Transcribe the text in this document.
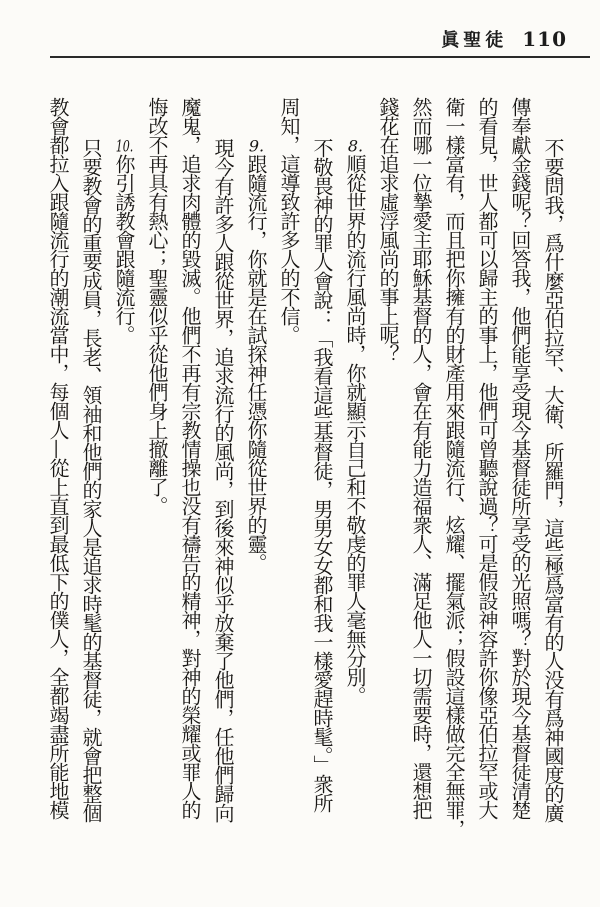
眞聖徒 110
不要問我，爲什麼亞伯拉罕、大衛、所羅門，這些極爲富有的人没有爲神國度的廣
傳奉獻金錢呢？回答我，他們能享受現今基督徒所享受的光照嗎？對於現今基督徒清楚
的看見，世人都可以歸主的事上，他們可曾聽說過？可是假設神容許你像亞伯拉罕或大
衛一樣富有，而且把你擁有的財產用來跟隨流行、炫耀、擺氣派；假設這樣做完全無罪，
然而哪一位摯愛主耶穌基督的人，會在有能力造福衆人、滿足他人一切需要時，還想把
錢花在追求虛浮風尚的事上呢？
8.順從世界的流行風尚時，你就顯示自己和不敬虔的罪人毫無分別。
不敬畏神的罪人會說：「我看這些基督徒，男男女女都和我一樣愛趕時髦。」衆所
周知，這導致許多人的不信。
9.跟隨流行，你就是在試探神任憑你隨從世界的靈。
現今有許多人跟從世界，追求流行的風尚，到後來神似乎放棄了他們，任他們歸向
魔鬼，追求肉體的毀滅。他們不再有宗教情操也没有禱告的精神，對神的榮耀或罪人的
悔改不再具有熱心；聖靈似乎從他們身上撤離了。
10.你引誘教會跟隨流行。
只要教會的重要成員，長老、領袖和他們的家人是追求時髦的基督徒，就會把整個
教會都拉入跟隨流行的潮流當中，每個人—從上直到最低下的僕人，全都竭盡所能地模
